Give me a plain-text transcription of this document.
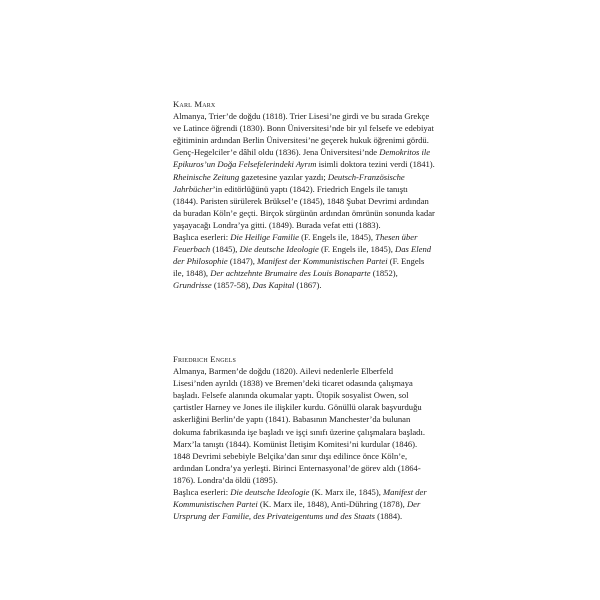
Karl Marx
Almanya, Trier’de doğdu (1818). Trier Lisesi’ne girdi ve bu sırada Grekçe ve Latince öğrendi (1830). Bonn Üniversitesi’nde bir yıl felsefe ve edebiyat eğitiminin ardından Berlin Üniversitesi’ne geçerek hukuk öğrenimi gördü. Genç-Hegelciler’e dâhil oldu (1836). Jena Üniversitesi’nde Demokritos ile Epikuros’un Doğa Felsefelerindeki Ayrım isimli doktora tezini verdi (1841). Rheinische Zeitung gazetesine yazılar yazdı; Deutsch-Französische Jahrbücher’in editörlüğünü yaptı (1842). Friedrich Engels ile tanıştı (1844). Paristen sürülerek Brüksel’e (1845), 1848 Şubat Devrimi ardından da buradan Köln’e geçti. Birçok sürgünün ardından ömrünün sonunda kadar yaşayacağı Londra’ya gitti. (1849). Burada vefat etti (1883).
Başlıca eserleri: Die Heilige Familie (F. Engels ile, 1845), Thesen über Feuerbach (1845), Die deutsche Ideologie (F. Engels ile, 1845), Das Elend der Philosophie (1847), Manifest der Kommunistischen Partei (F. Engels ile, 1848), Der achtzehnte Brumaire des Louis Bonaparte (1852), Grundrisse (1857-58), Das Kapital (1867).
Friedrich Engels
Almanya, Barmen’de doğdu (1820). Ailevi nedenlerle Elberfeld Lisesi’nden ayrıldı (1838) ve Bremen’deki ticaret odasında çalışmaya başladı. Felsefe alanında okumalar yaptı. Ütopik sosyalist Owen, sol çartistler Harney ve Jones ile ilişkiler kurdu. Gönüllü olarak başvurduğu askerliğini Berlin’de yaptı (1841). Babasının Manchester’da bulunan dokuma fabrikasında işe başladı ve işçi sınıfı üzerine çalışmalara başladı. Marx’la tanıştı (1844). Komünist İletişim Komitesi’ni kurdular (1846). 1848 Devrimi sebebiyle Belçika’dan sınır dışı edilince önce Köln’e, ardından Londra’ya yerleşti. Birinci Enternasyonal’de görev aldı (1864-1876). Londra’da öldü (1895).
Başlıca eserleri: Die deutsche Ideologie (K. Marx ile, 1845), Manifest der Kommunistischen Partei (K. Marx ile, 1848), Anti-Dühring (1878), Der Ursprung der Familie, des Privateigentums und des Staats (1884).
